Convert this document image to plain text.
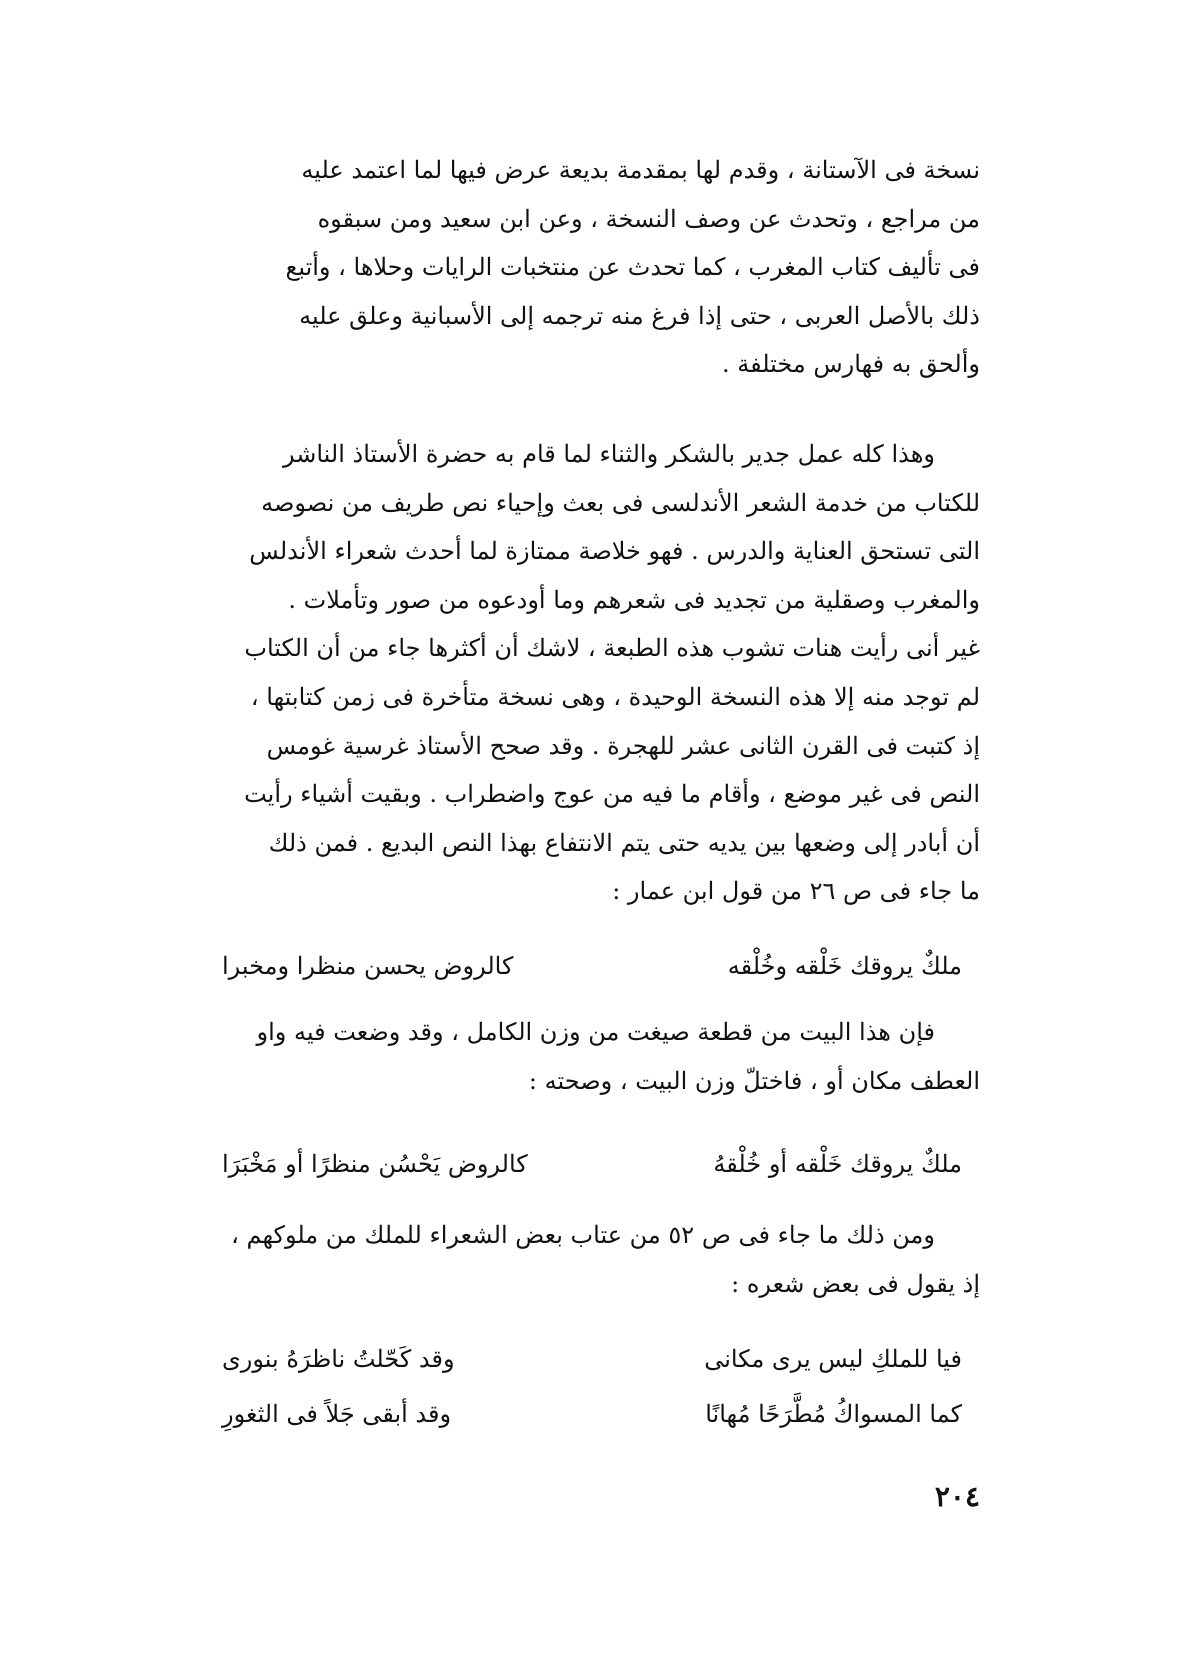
نسخة فى الآستانة ، وقدم لها بمقدمة بديعة عرض فيها لما اعتمد عليه
من مراجع ، وتحدث عن وصف النسخة ، وعن ابن سعيد ومن سبقوه
فى تأليف كتاب المغرب ، كما تحدث عن منتخبات الرايات وحلاها ، وأتبع
ذلك بالأصل العربى ، حتى إذا فرغ منه ترجمه إلى الأسبانية وعلق عليه
وألحق به فهارس مختلفة .
وهذا كله عمل جدير بالشكر والثناء لما قام به حضرة الأستاذ الناشر
للكتاب من خدمة الشعر الأندلسى فى بعث وإحياء نص طريف من نصوصه
التى تستحق العناية والدرس . فهو خلاصة ممتازة لما أحدث شعراء الأندلس
والمغرب وصقلية من تجديد فى شعرهم وما أودعوه من صور وتأملات .
غير أنى رأيت هنات تشوب هذه الطبعة ، لاشك أن أكثرها جاء من أن الكتاب
لم توجد منه إلا هذه النسخة الوحيدة ، وهى نسخة متأخرة فى زمن كتابتها ،
إذ كتبت فى القرن الثانى عشر للهجرة . وقد صحح الأستاذ غرسية غومس
النص فى غير موضع ، وأقام ما فيه من عوج واضطراب . وبقيت أشياء رأيت
أن أبادر إلى وضعها بين يديه حتى يتم الانتفاع بهذا النص البديع . فمن ذلك
ما جاء فى ص ٢٦ من قول ابن عمار :
ملكٌ يروقك خَلْقه وخُلْقه
كالروض يحسن منظرا ومخبرا
فإن هذا البيت من قطعة صيغت من وزن الكامل ، وقد وضعت فيه واو
العطف مكان أو ، فاختلّ وزن البيت ، وصحته :
ملكٌ يروقك خَلْقه أو خُلْقهُ
كالروض يَحْسُن منظرًا أو مَخْبَرَا
ومن ذلك ما جاء فى ص ٥٢ من عتاب بعض الشعراء للملك من ملوكهم ،
إذ يقول فى بعض شعره :
فيا للملكِ ليس يرى مكانى
وقد كَحّلتُ ناظرَهُ بنورى
كما المسواكُ مُطَّرَحًا مُهانًا
وقد أبقى جَلاً فى الثغورِ
٢٠٤
